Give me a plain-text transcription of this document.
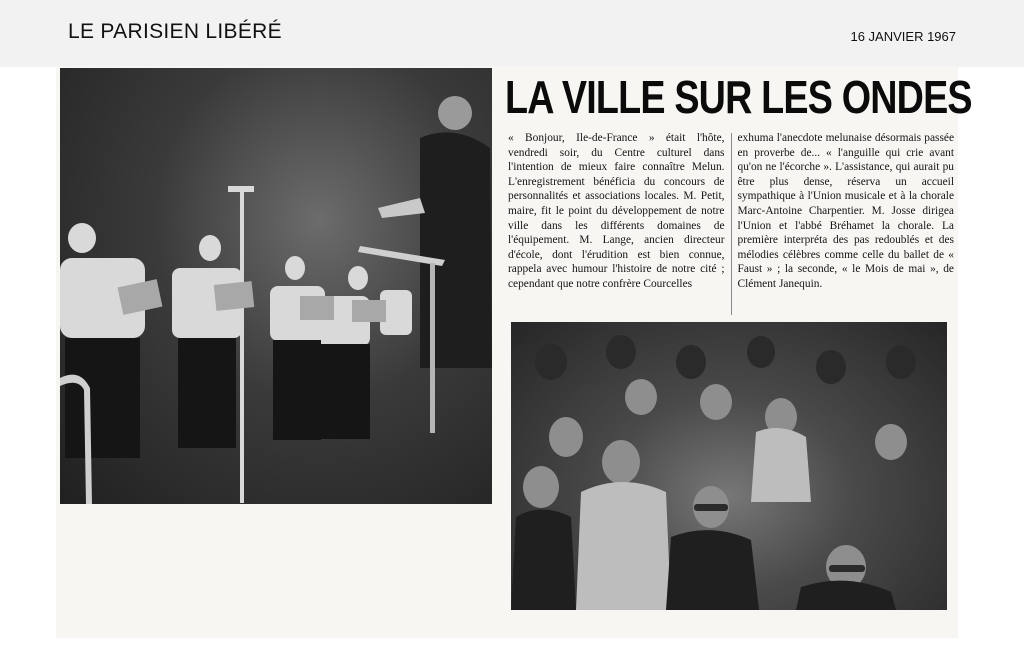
LE PARISIEN LIBÉRÉ	16 JANVIER 1967
LA VILLE SUR LES ONDES
« Bonjour, Ile-de-France » était l'hôte, vendredi soir, du Centre culturel dans l'intention de mieux faire connaître Melun. L'enregistrement bénéficia du concours de personnalités et associations locales. M. Petit, maire, fit le point du développement de notre ville dans les différents domaines de l'équipement. M. Lange, ancien directeur d'école, dont l'érudition est bien connue, rappela avec humour l'histoire de notre cité ; cependant que notre confrère Courcelles
exhuma l'anecdote melunaise désormais passée en proverbe de... « l'anguille qui crie avant qu'on ne l'écorche ». L'assistance, qui aurait pu être plus dense, réserva un accueil sympathique à l'Union musicale et à la chorale Marc-Antoine Charpentier. M. Josse dirigea l'Union et l'abbé Bréhamet la chorale. La première interpréta des pas redoublés et des mélodies célèbres comme celle du ballet de « Faust » ; la seconde, « le Mois de mai », de Clément Janequin.
